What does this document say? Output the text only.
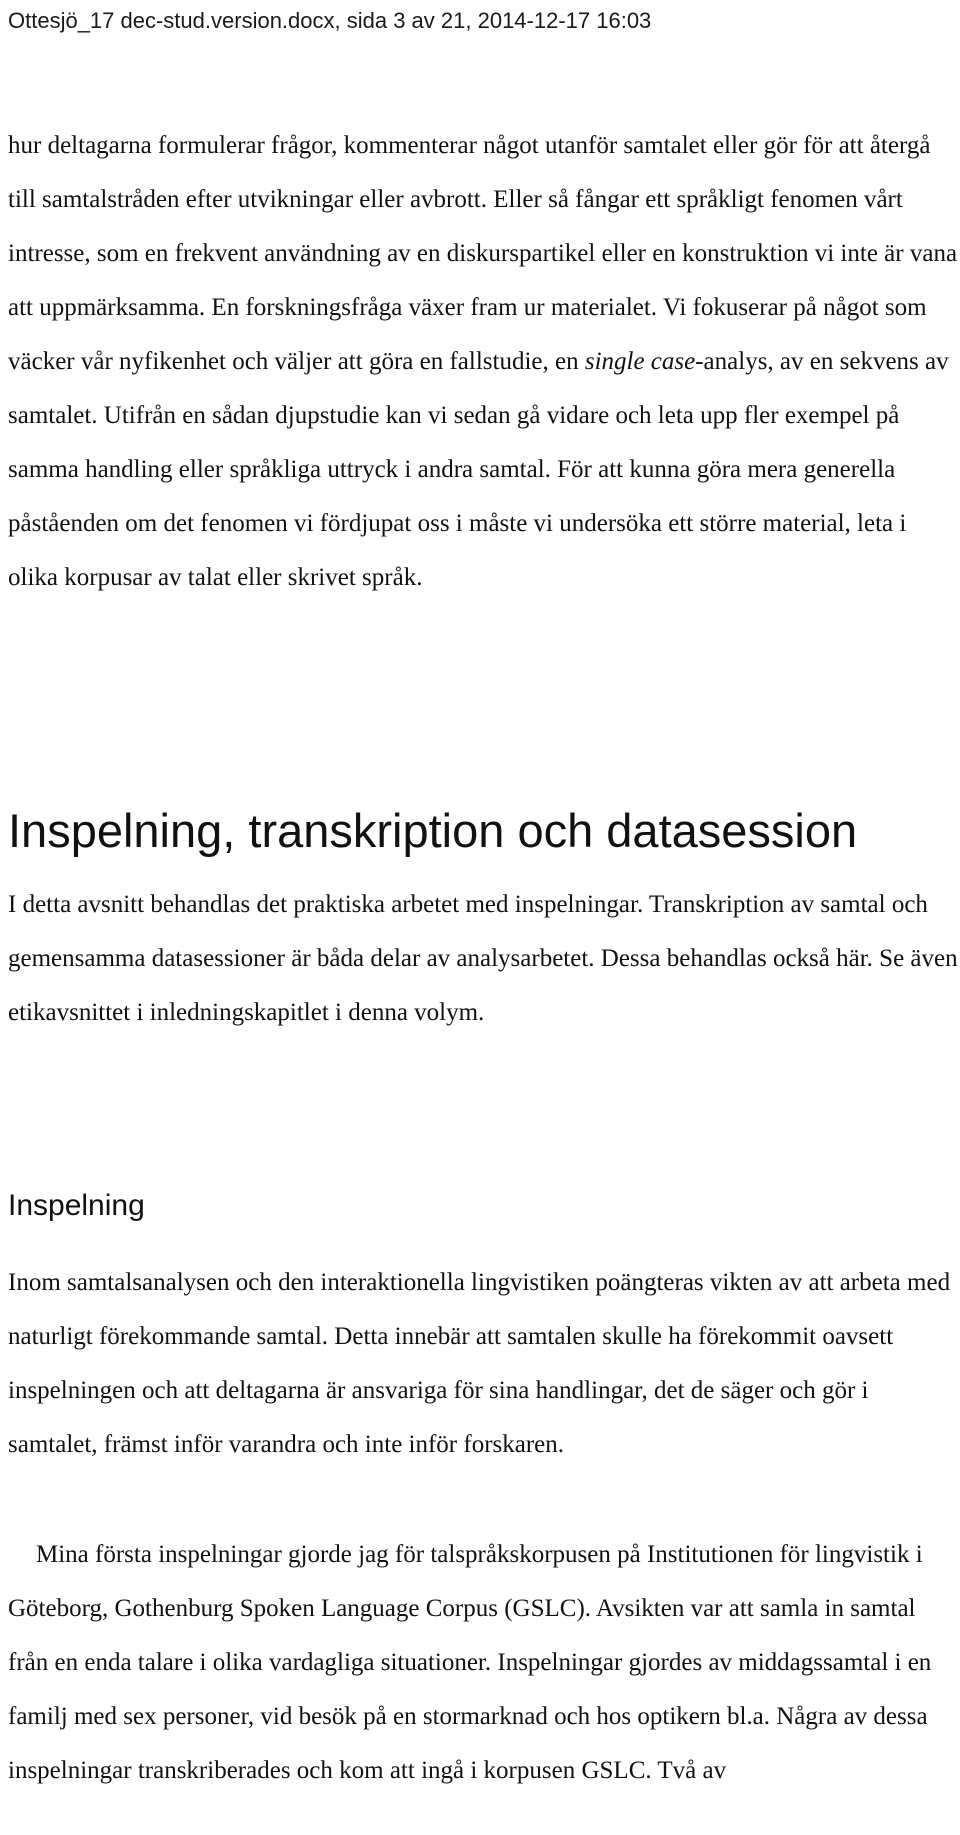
Ottesjö_17 dec-stud.version.docx, sida 3 av 21, 2014-12-17 16:03

hur deltagarna formulerar frågor, kommenterar något utanför samtalet eller gör för att återgå till samtalstråden efter utvikningar eller avbrott. Eller så fångar ett språkligt fenomen vårt intresse, som en frekvent användning av en diskurspartikel eller en konstruktion vi inte är vana att uppmärksamma. En forskningsfråga växer fram ur materialet. Vi fokuserar på något som väcker vår nyfikenhet och väljer att göra en fallstudie, en single case-analys, av en sekvens av samtalet. Utifrån en sådan djupstudie kan vi sedan gå vidare och leta upp fler exempel på samma handling eller språkliga uttryck i andra samtal. För att kunna göra mera generella påståenden om det fenomen vi fördjupat oss i måste vi undersöka ett större material, leta i olika korpusar av talat eller skrivet språk.

Inspelning, transkription och datasession

I detta avsnitt behandlas det praktiska arbetet med inspelningar. Transkription av samtal och gemensamma datasessioner är båda delar av analysarbetet. Dessa behandlas också här. Se även etikavsnittet i inledningskapitlet i denna volym.

Inspelning

Inom samtalsanalysen och den interaktionella lingvistiken poängteras vikten av att arbeta med naturligt förekommande samtal. Detta innebär att samtalen skulle ha förekommit oavsett inspelningen och att deltagarna är ansvariga för sina handlingar, det de säger och gör i samtalet, främst inför varandra och inte inför forskaren.

Mina första inspelningar gjorde jag för talspråkskorpusen på Institutionen för lingvistik i Göteborg, Gothenburg Spoken Language Corpus (GSLC). Avsikten var att samla in samtal från en enda talare i olika vardagliga situationer. Inspelningar gjordes av middagssamtal i en familj med sex personer, vid besök på en stormarknad och hos optikern bl.a. Några av dessa inspelningar transkriberades och kom att ingå i korpusen GSLC. Två av
